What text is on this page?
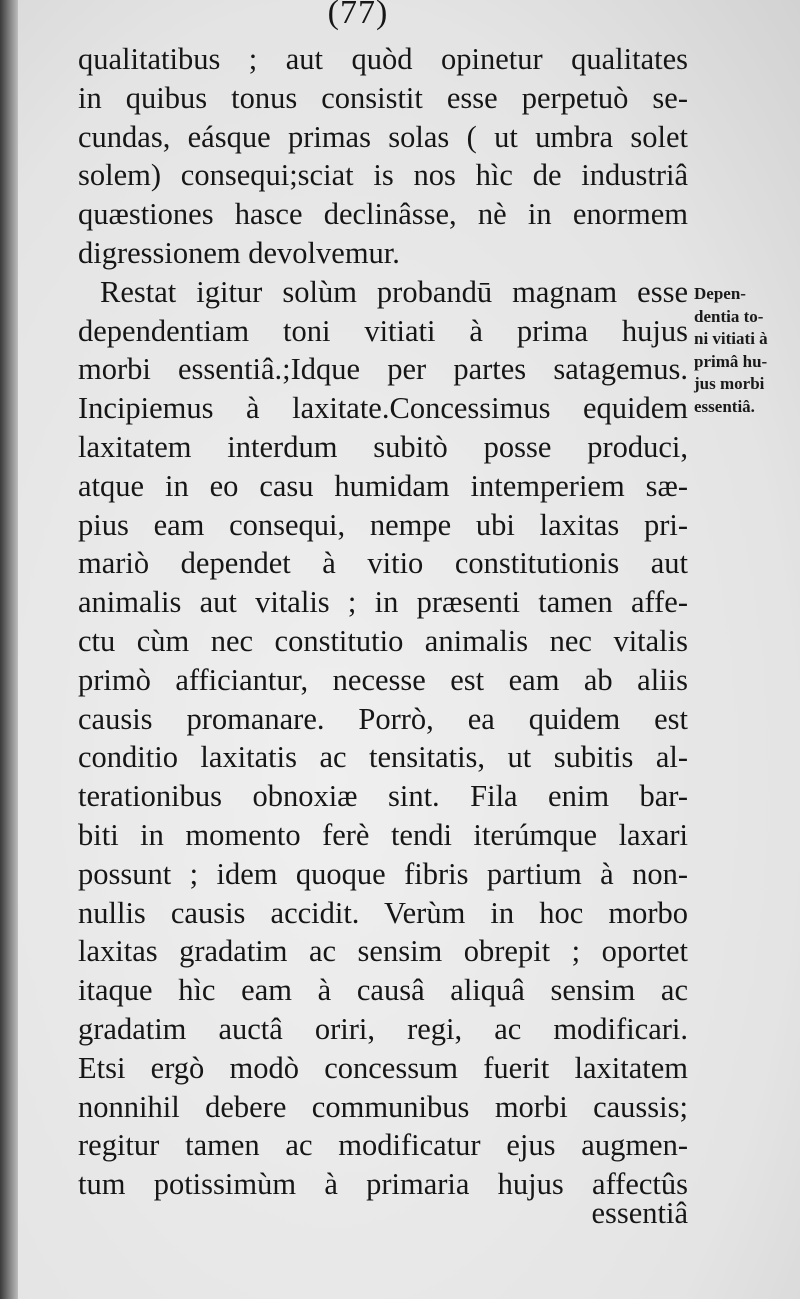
(77)
qualitatibus ; aut quòd opinetur qualitates
in quibus tonus consistit esse perpetuò se-
cundas, eásque primas solas ( ut umbra solet
solem) consequi;sciat is nos hìc de industriâ
quæstiones hasce declinâsse, nè in enormem
digressionem devolvemur.
Restat igitur solùm probandū magnam esse
dependentiam toni vitiati à prima hujus
morbi essentiâ.;Idque per partes satagemus.
Incipiemus à laxitate.Concessimus equidem
laxitatem interdum subitò posse produci,
atque in eo casu humidam intemperiem sæ-
pius eam consequi, nempe ubi laxitas pri-
mariò dependet à vitio constitutionis aut
animalis aut vitalis ; in præsenti tamen affe-
ctu cùm nec constitutio animalis nec vitalis
primò afficiantur, necesse est eam ab aliis
causis promanare. Porrò, ea quidem est
conditio laxitatis ac tensitatis, ut subitis al-
terationibus obnoxiæ sint. Fila enim bar-
biti in momento ferè tendi iterúmque laxari
possunt ; idem quoque fibris partium à non-
nullis causis accidit. Verùm in hoc morbo
laxitas gradatim ac sensim obrepit ; oportet
itaque hìc eam à causâ aliquâ sensim ac
gradatim auctâ oriri, regi, ac modificari.
Etsi ergò modò concessum fuerit laxitatem
nonnihil debere communibus morbi caussis;
regitur tamen ac modificatur ejus augmen-
tum potissimùm à primaria hujus affectûs
essentiâ
Depen-
dentia to-
ni vitiati à
primâ hu-
jus morbi
essentiâ.
